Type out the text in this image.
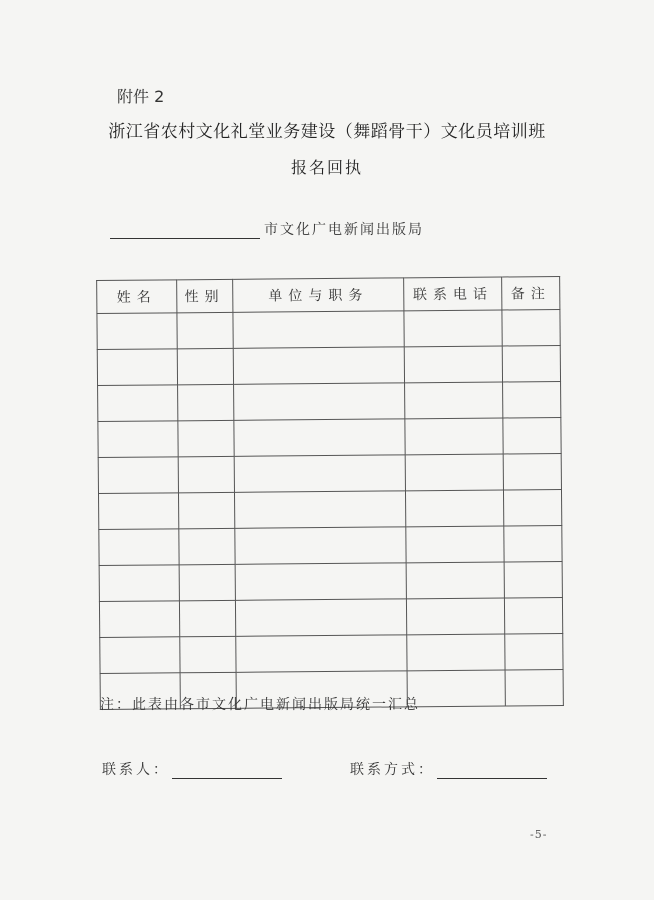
附件 2
浙江省农村文化礼堂业务建设（舞蹈骨干）文化员培训班
报名回执
市文化广电新闻出版局
姓名	性别	单位与职务	联系电话	备注

注：此表由各市文化广电新闻出版局统一汇总
联系人：	联系方式：
-5-
